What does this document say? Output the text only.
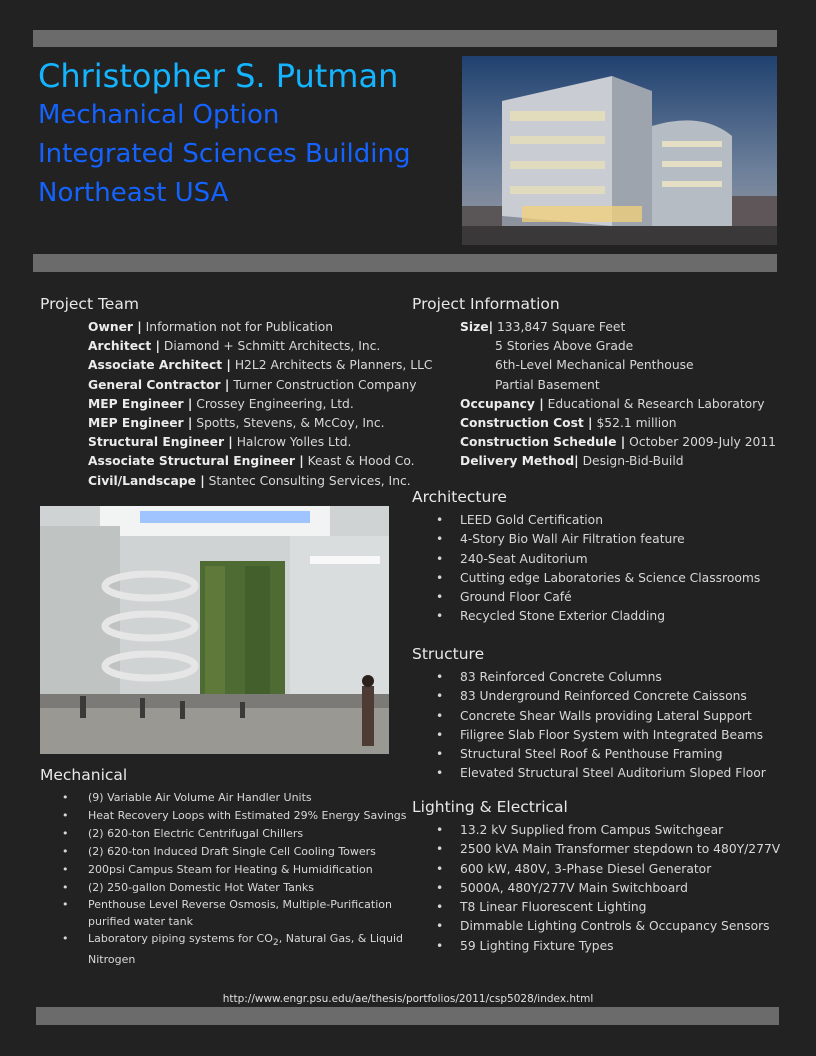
Christopher S. Putman

Mechanical Option

Integrated Sciences Building

Northeast USA

Project Team

Owner | Information not for Publication
Architect | Diamond + Schmitt Architects, Inc.
Associate Architect | H2L2 Architects & Planners, LLC
General Contractor | Turner Construction Company
MEP Engineer | Crossey Engineering, Ltd.
MEP Engineer | Spotts, Stevens, & McCoy, Inc.
Structural Engineer | Halcrow Yolles Ltd.
Associate Structural Engineer | Keast & Hood Co.
Civil/Landscape | Stantec Consulting Services, Inc.

Project Information

Size| 133,847 Square Feet
5 Stories Above Grade
6th-Level Mechanical Penthouse
Partial Basement
Occupancy | Educational & Research Laboratory
Construction Cost | $52.1 million
Construction Schedule | October 2009-July 2011
Delivery Method| Design-Bid-Build

Architecture

• LEED Gold Certification
• 4-Story Bio Wall Air Filtration feature
• 240-Seat Auditorium
• Cutting edge Laboratories & Science Classrooms
• Ground Floor Café
• Recycled Stone Exterior Cladding

Structure

• 83 Reinforced Concrete Columns
• 83 Underground Reinforced Concrete Caissons
• Concrete Shear Walls providing Lateral Support
• Filigree Slab Floor System with Integrated Beams
• Structural Steel Roof & Penthouse Framing
• Elevated Structural Steel Auditorium Sloped Floor

Lighting & Electrical

• 13.2 kV Supplied from Campus Switchgear
• 2500 kVA Main Transformer stepdown to 480Y/277V
• 600 kW, 480V, 3-Phase Diesel Generator
• 5000A, 480Y/277V Main Switchboard
• T8 Linear Fluorescent Lighting
• Dimmable Lighting Controls & Occupancy Sensors
• 59 Lighting Fixture Types

Mechanical

• (9) Variable Air Volume Air Handler Units
• Heat Recovery Loops with Estimated 29% Energy Savings
• (2) 620-ton Electric Centrifugal Chillers
• (2) 620-ton Induced Draft Single Cell Cooling Towers
• 200psi Campus Steam for Heating & Humidification
• (2) 250-gallon Domestic Hot Water Tanks
• Penthouse Level Reverse Osmosis, Multiple-Purification purified water tank
• Laboratory piping systems for $CO_2$, Natural Gas, & Liquid Nitrogen
http://www.engr.psu.edu/ae/thesis/portfolios/2011/csp5028/index.html
